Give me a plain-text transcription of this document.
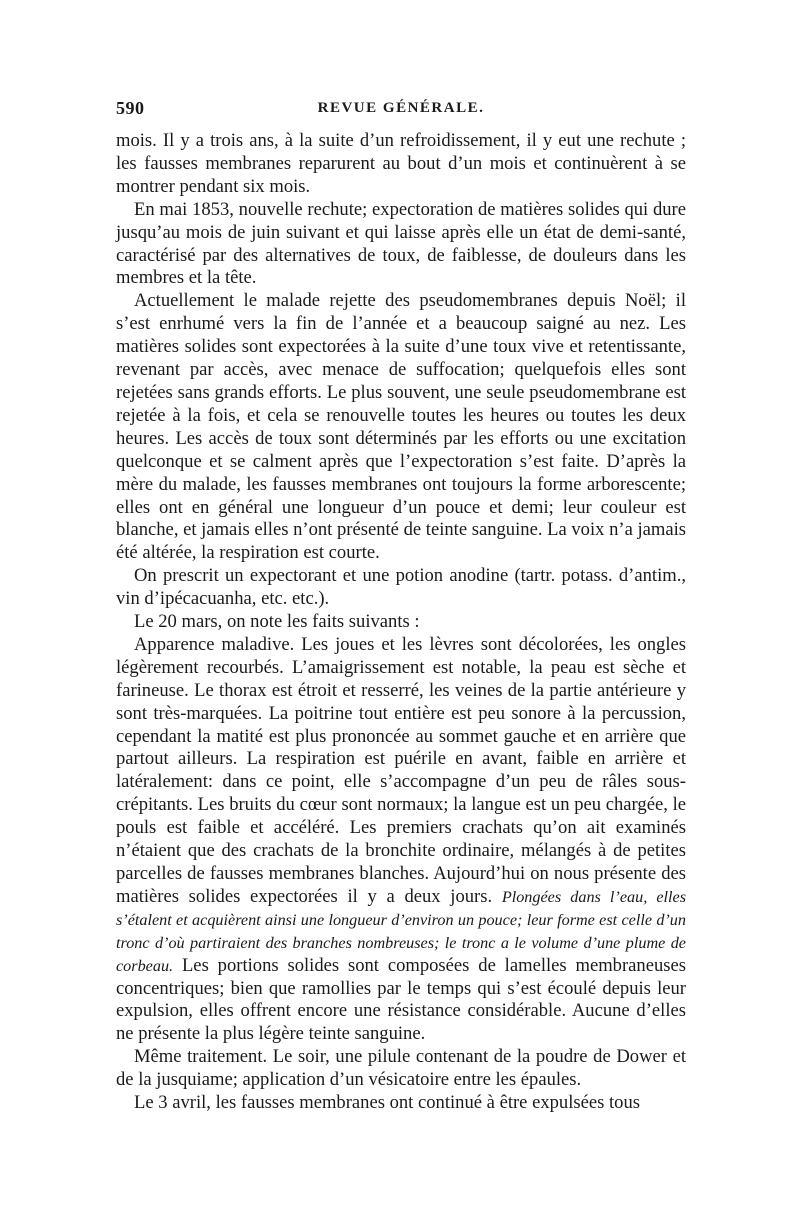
590	REVUE GÉNÉRALE.

mois. Il y a trois ans, à la suite d’un refroidissement, il y eut une rechute ; les fausses membranes reparurent au bout d’un mois et continuèrent à se montrer pendant six mois.

En mai 1853, nouvelle rechute; expectoration de matières solides qui dure jusqu’au mois de juin suivant et qui laisse après elle un état de demi-santé, caractérisé par des alternatives de toux, de faiblesse, de douleurs dans les membres et la tête.

Actuellement le malade rejette des pseudomembranes depuis Noël; il s’est enrhumé vers la fin de l’année et a beaucoup saigné au nez. Les matières solides sont expectorées à la suite d’une toux vive et retentissante, revenant par accès, avec menace de suffocation; quelquefois elles sont rejetées sans grands efforts. Le plus souvent, une seule pseudomembrane est rejetée à la fois, et cela se renouvelle toutes les heures ou toutes les deux heures. Les accès de toux sont déterminés par les efforts ou une excitation quelconque et se calment après que l’expectoration s’est faite. D’après la mère du malade, les fausses membranes ont toujours la forme arborescente; elles ont en général une longueur d’un pouce et demi; leur couleur est blanche, et jamais elles n’ont présenté de teinte sanguine. La voix n’a jamais été altérée, la respiration est courte.

On prescrit un expectorant et une potion anodine (tartr. potass. d’antim., vin d’ipécacuanha, etc. etc.).

Le 20 mars, on note les faits suivants :

Apparence maladive. Les joues et les lèvres sont décolorées, les ongles légèrement recourbés. L’amaigrissement est notable, la peau est sèche et farineuse. Le thorax est étroit et resserré, les veines de la partie antérieure y sont très-marquées. La poitrine tout entière est peu sonore à la percussion, cependant la matité est plus prononcée au sommet gauche et en arrière que partout ailleurs. La respiration est puérile en avant, faible en arrière et latéralement: dans ce point, elle s’accompagne d’un peu de râles sous-crépitants. Les bruits du cœur sont normaux; la langue est un peu chargée, le pouls est faible et accéléré. Les premiers crachats qu’on ait examinés n’étaient que des crachats de la bronchite ordinaire, mélangés à de petites parcelles de fausses membranes blanches. Aujourd’hui on nous présente des matières solides expectorées il y a deux jours. Plongées dans l’eau, elles s’étalent et acquièrent ainsi une longueur d’environ un pouce; leur forme est celle d’un tronc d’où partiraient des branches nombreuses; le tronc a le volume d’une plume de corbeau. Les portions solides sont composées de lamelles membraneuses concentriques; bien que ramollies par le temps qui s’est écoulé depuis leur expulsion, elles offrent encore une résistance considérable. Aucune d’elles ne présente la plus légère teinte sanguine.

Même traitement. Le soir, une pilule contenant de la poudre de Dower et de la jusquiame; application d’un vésicatoire entre les épaules.

Le 3 avril, les fausses membranes ont continué à être expulsées tous
